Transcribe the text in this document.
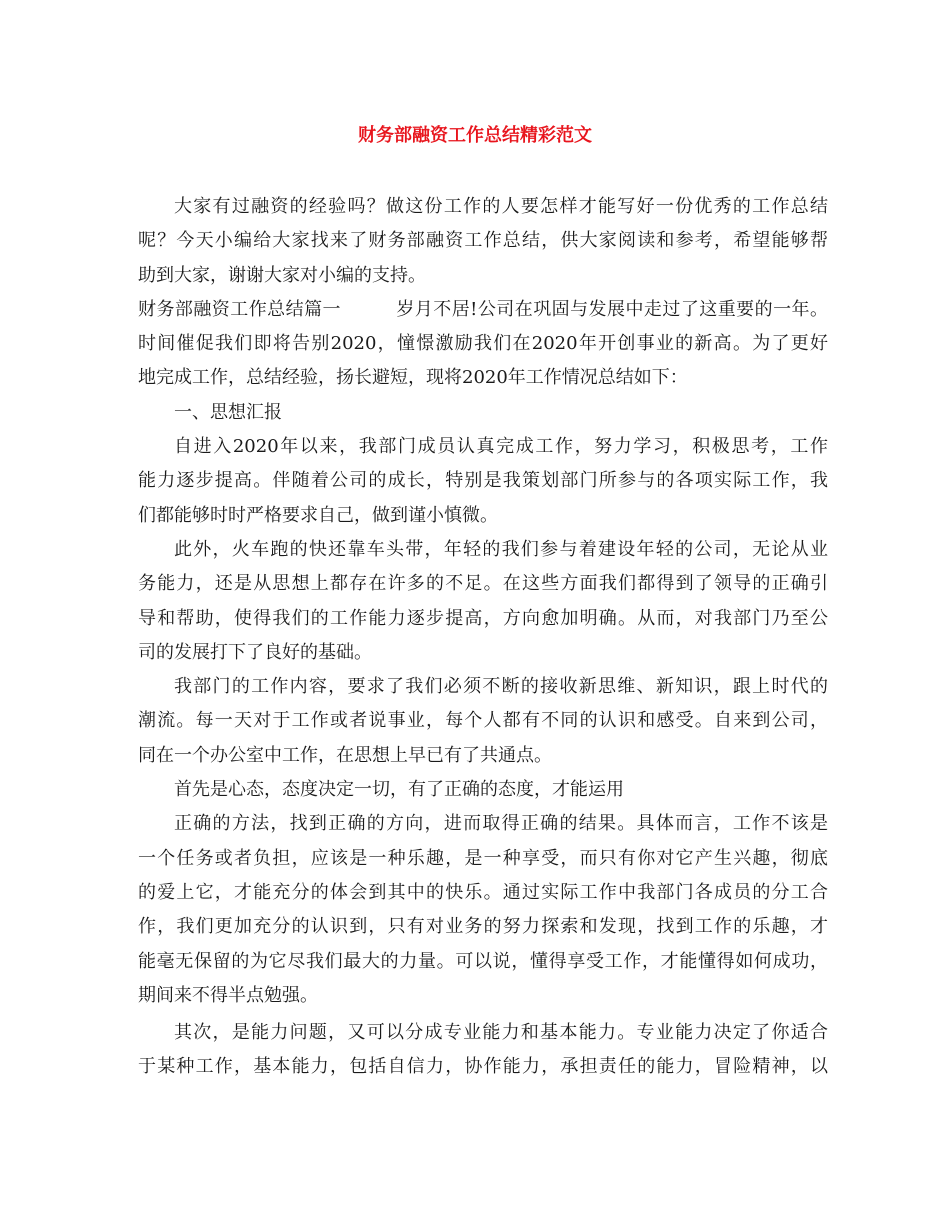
财务部融资工作总结精彩范文
大家有过融资的经验吗？做这份工作的人要怎样才能写好一份优秀的工作总结
呢？今天小编给大家找来了财务部融资工作总结，供大家阅读和参考，希望能够帮
助到大家，谢谢大家对小编的支持。
财务部融资工作总结篇一　　　岁月不居!公司在巩固与发展中走过了这重要的一年。
时间催促我们即将告别2020，憧憬激励我们在2020年开创事业的新高。为了更好
地完成工作，总结经验，扬长避短，现将2020年工作情况总结如下：
一、思想汇报
自进入2020年以来，我部门成员认真完成工作，努力学习，积极思考，工作
能力逐步提高。伴随着公司的成长，特别是我策划部门所参与的各项实际工作，我
们都能够时时严格要求自己，做到谨小慎微。
此外，火车跑的快还靠车头带，年轻的我们参与着建设年轻的公司，无论从业
务能力，还是从思想上都存在许多的不足。在这些方面我们都得到了领导的正确引
导和帮助，使得我们的工作能力逐步提高，方向愈加明确。从而，对我部门乃至公
司的发展打下了良好的基础。
我部门的工作内容，要求了我们必须不断的接收新思维、新知识，跟上时代的
潮流。每一天对于工作或者说事业，每个人都有不同的认识和感受。自来到公司，
同在一个办公室中工作，在思想上早已有了共通点。
首先是心态，态度决定一切，有了正确的态度，才能运用
正确的方法，找到正确的方向，进而取得正确的结果。具体而言，工作不该是
一个任务或者负担，应该是一种乐趣，是一种享受，而只有你对它产生兴趣，彻底
的爱上它，才能充分的体会到其中的快乐。通过实际工作中我部门各成员的分工合
作，我们更加充分的认识到，只有对业务的努力探索和发现，找到工作的乐趣，才
能毫无保留的为它尽我们最大的力量。可以说，懂得享受工作，才能懂得如何成功，
期间来不得半点勉强。
其次，是能力问题，又可以分成专业能力和基本能力。专业能力决定了你适合
于某种工作，基本能力，包括自信力，协作能力，承担责任的能力，冒险精神，以
